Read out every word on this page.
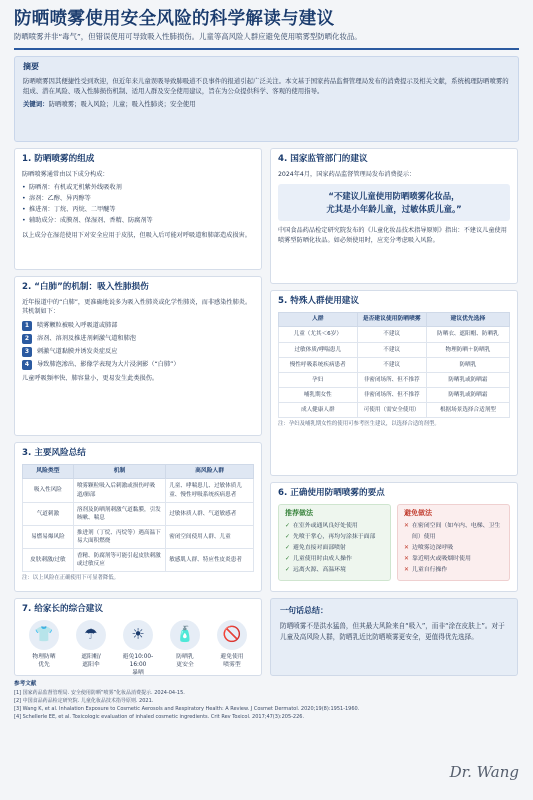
防晒喷雾使用安全风险的科学解读与建议
防晒喷雾并非“毒气”，但错误使用可导致吸入性肺损伤。儿童等高风险人群应避免使用喷雾型防晒化妆品。
摘要
防晒喷雾因其便捷性受到欢迎，但近年来儿童误吸导致肺吸道不良事件的报道引起广泛关注。本文基于国家药品监督管理局发布的消费提示及相关文献，系统梳理防晒喷雾的组成、潜在风险、吸入性肺损伤机制、适用人群及安全使用建议，旨在为公众提供科学、客观的使用指导。
关键词：防晒喷雾；吸入风险；儿童；吸入性肺炎；安全使用
1. 防晒喷雾的组成
防晒喷雾通常由以下成分构成：
• 防晒剂：有机或无机紫外线吸收剂
• 溶剂：乙醇、异丙醇等
• 推进剂：丁烷、丙烷、二甲醚等
• 辅助成分：成膜剂、保湿剂、香精、防腐剂等
以上成分在湿范使用下对安全应用于皮肤，但吸入后可能对呼吸道和肺部造成损害。
2. “白肺”的机制：吸入性肺损伤
近年报道中的“白肺”，更准确地说多为吸入性肺炎或化学性肺炎，而非感染性肺炎。其机制如下：
1	喷雾颗粒被吸入呼吸道或肺部
2	溶剂、溶剂及推进剂刺激气道和肺泡
3	刺激气道黏膜并诱发炎症反应
4	导致肺泡渗出、影像学表现为大片浸润影（“白肺”）
儿童呼吸频率快、肺容量小，更易发生此类损伤。
3. 主要风险总结
风险类型	机制	高风险人群
吸入性风险	喷雾颗粒吸入后刺激或损伤呼吸道/肺部	儿童、哮喘患儿、过敏体质儿童、慢性呼吸系统疾病患者
气道刺激	溶剂及防晒剂刺激气道黏膜，引发咳嗽、喘息	过敏体质人群、气道敏感者
易燃易爆风险	推进剂（丁烷、丙烷等）遇高温下易大面积燃烧	密闭空间使用人群、儿童
皮肤刺激/过敏	香精、防腐剂等可能引起皮肤刺激或过敏反应	敏感肌人群、特应性皮炎患者
注：以上风险在正确使用下可显著降低。
4. 国家监管部门的建议
2024年4月，国家药品监督管理局发布消费提示：
“不建议儿童使用防晒喷雾化妆品，
尤其是小年龄儿童，过敏体质儿童。”
中国食品药品检定研究院发布的《儿童化妆品技术指导原则》指出：不建议儿童使用喷雾型防晒化妆品。如必须使用时，应充分考虑吸入风险。
5. 特殊人群使用建议
人群	是否建议使用防晒喷雾	建议优先选择
儿童（尤其＜6岁）	不建议	防晒衣、遮阳帽、防晒乳
过敏体质/哮喘患儿	不建议	物理防晒＋防晒乳
慢性呼吸系统疾病患者	不建议	防晒乳
孕妇	非密闭场所、但不推荐	防晒乳或防晒霜
哺乳期女性	非密闭场所、但不推荐	防晒乳或防晒霜
成人健康人群	可使用（需安全使用）	根据场景选择合适剂型
注：孕妇及哺乳期女性的使用可参考医生建议，以选择合适的剂型。
6. 正确使用防晒喷雾的要点
推荐做法
✓ 在室外或通风良好处使用
✓ 先喷于掌心，再均匀涂抹于面部
✓ 避免直接对面部喷射
✓ 儿童使用时由成人操作
✓ 远离火源、高温环境
避免做法
✕ 在密闭空间（如车内、电梯、卫生间）使用
✕ 边喷雾边深呼吸
✕ 靠近明火或吸烟时使用
✕ 儿童自行操作
7. 给家长的综合建议
👕
物理防晒
优先
☂
遮阳帽/
遮阳伞
☀
避免10:00-16:00
暴晒
🧴
防晒乳
更安全
🚫
避免使用
喷雾型
一句话总结：

防晒喷雾不是洪水猛兽，但其最大风险来自“吸入”，而非“涂在皮肤上”。对于儿童及高风险人群，防晒乳近比防晒喷雾更安全，更值得优先选择。

参考文献
[1] 国家药品监督管理局. 安全使用防晒“喷雾”化妆品消费提示. 2024-04-15.
[2] 中国食品药品检定研究院. 儿童化妆品技术指导原则. 2021.
[3] Wang K, et al. Inhalation Exposure to Cosmetic Aerosols and Respiratory Health: A Review. J Cosmet Dermatol. 2020;19(8):1951-1960.
[4] Schellerle EE, et al. Toxicologic evaluation of inhaled cosmetic ingredients. Crit Rev Toxicol. 2017;47(3):205-226.
Dr. Wang
